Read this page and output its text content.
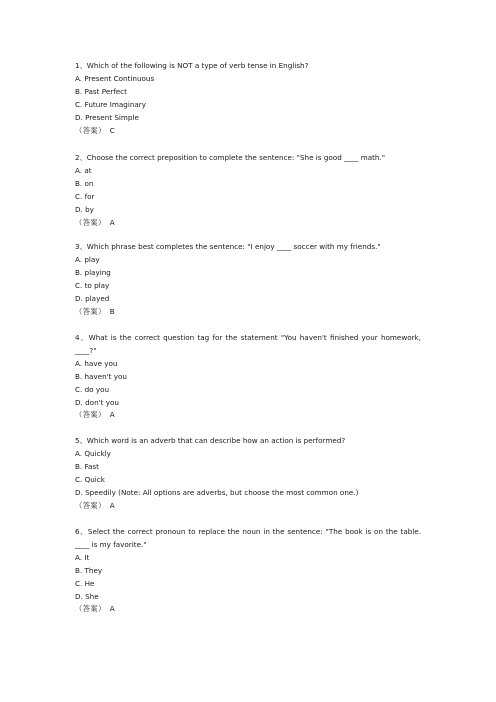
1、Which of the following is NOT a type of verb tense in English?

A. Present Continuous

B. Past Perfect

C. Future Imaginary

D. Present Simple

（答案） C

2、Choose the correct preposition to complete the sentence: "She is good ____ math."

A. at

B. on

C. for

D. by

（答案） A

3、Which phrase best completes the sentence: "I enjoy ____ soccer with my friends."

A. play

B. playing

C. to play

D. played

（答案） B

4、What is the correct question tag for the statement "You haven't finished your homework, ____?"

A. have you

B. haven't you

C. do you

D. don't you

（答案） A

5、Which word is an adverb that can describe how an action is performed?

A. Quickly

B. Fast

C. Quick

D. Speedily (Note: All options are adverbs, but choose the most common one.)

（答案） A

6、Select the correct pronoun to replace the noun in the sentence: "The book is on the table. ____ is my favorite."

A. It

B. They

C. He

D. She

（答案） A
